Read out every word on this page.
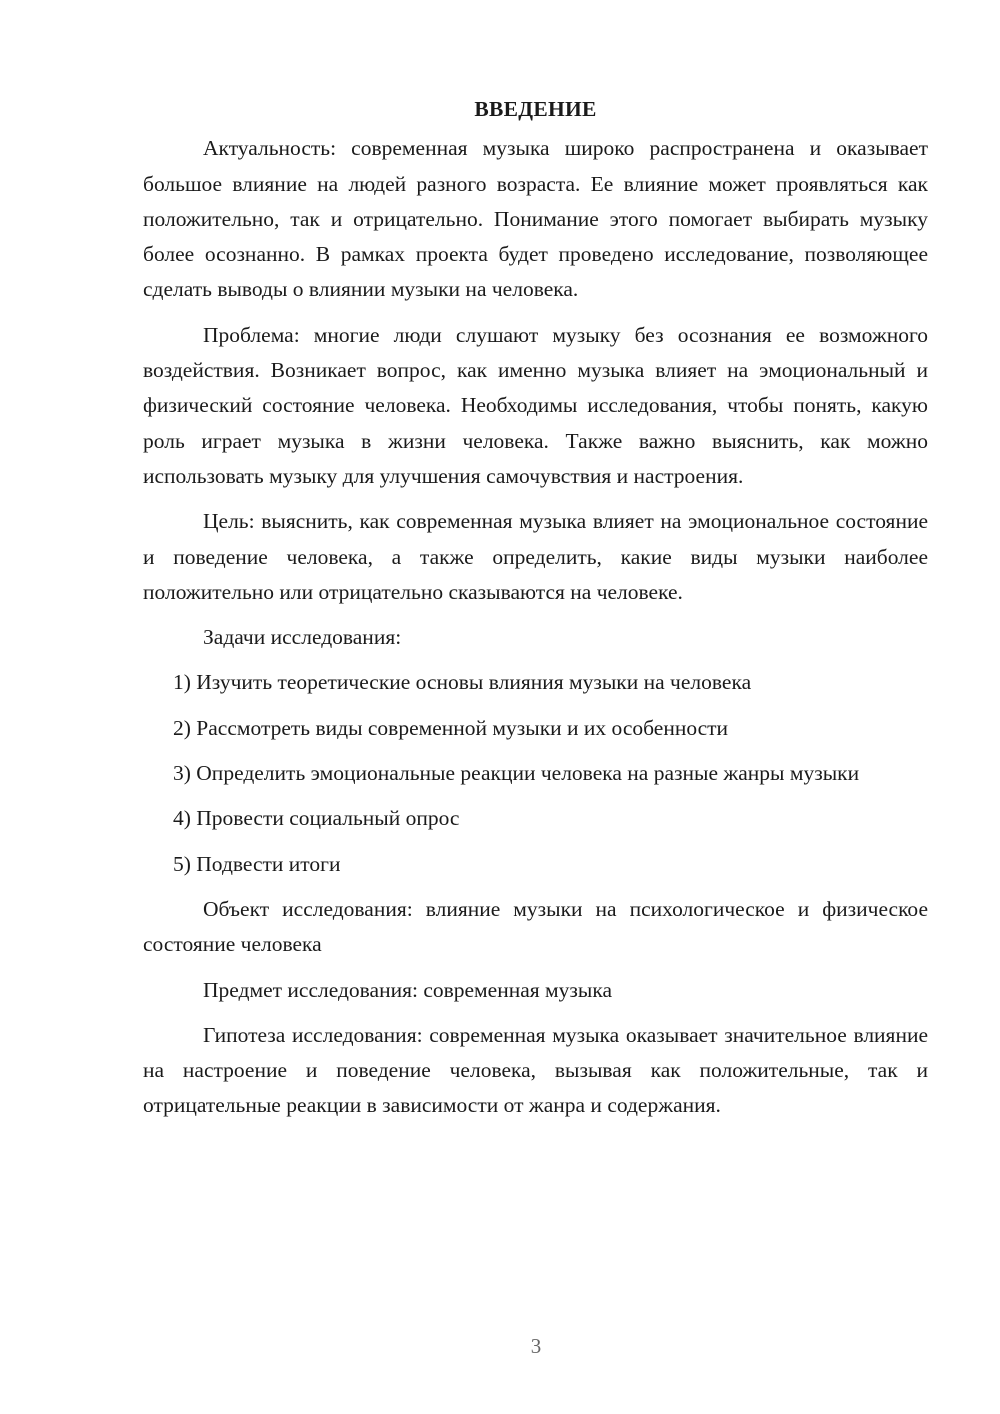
ВВЕДЕНИЕ

Актуальность: современная музыка широко распространена и оказывает большое влияние на людей разного возраста. Ее влияние может проявляться как положительно, так и отрицательно. Понимание этого помогает выбирать музыку более осознанно. В рамках проекта будет проведено исследование, позволяющее сделать выводы о влиянии музыки на человека.

Проблема: многие люди слушают музыку без осознания ее возможного воздействия. Возникает вопрос, как именно музыка влияет на эмоциональный и физический состояние человека. Необходимы исследования, чтобы понять, какую роль играет музыка в жизни человека. Также важно выяснить, как можно использовать музыку для улучшения самочувствия и настроения.

Цель: выяснить, как современная музыка влияет на эмоциональное состояние и поведение человека, а также определить, какие виды музыки наиболее положительно или отрицательно сказываются на человеке.

Задачи исследования:

1) Изучить теоретические основы влияния музыки на человека

2) Рассмотреть виды современной музыки и их особенности

3) Определить эмоциональные реакции человека на разные жанры музыки

4) Провести социальный опрос

5) Подвести итоги

Объект исследования: влияние музыки на психологическое и физическое состояние человека

Предмет исследования: современная музыка

Гипотеза исследования: современная музыка оказывает значительное влияние на настроение и поведение человека, вызывая как положительные, так и отрицательные реакции в зависимости от жанра и содержания.

3
